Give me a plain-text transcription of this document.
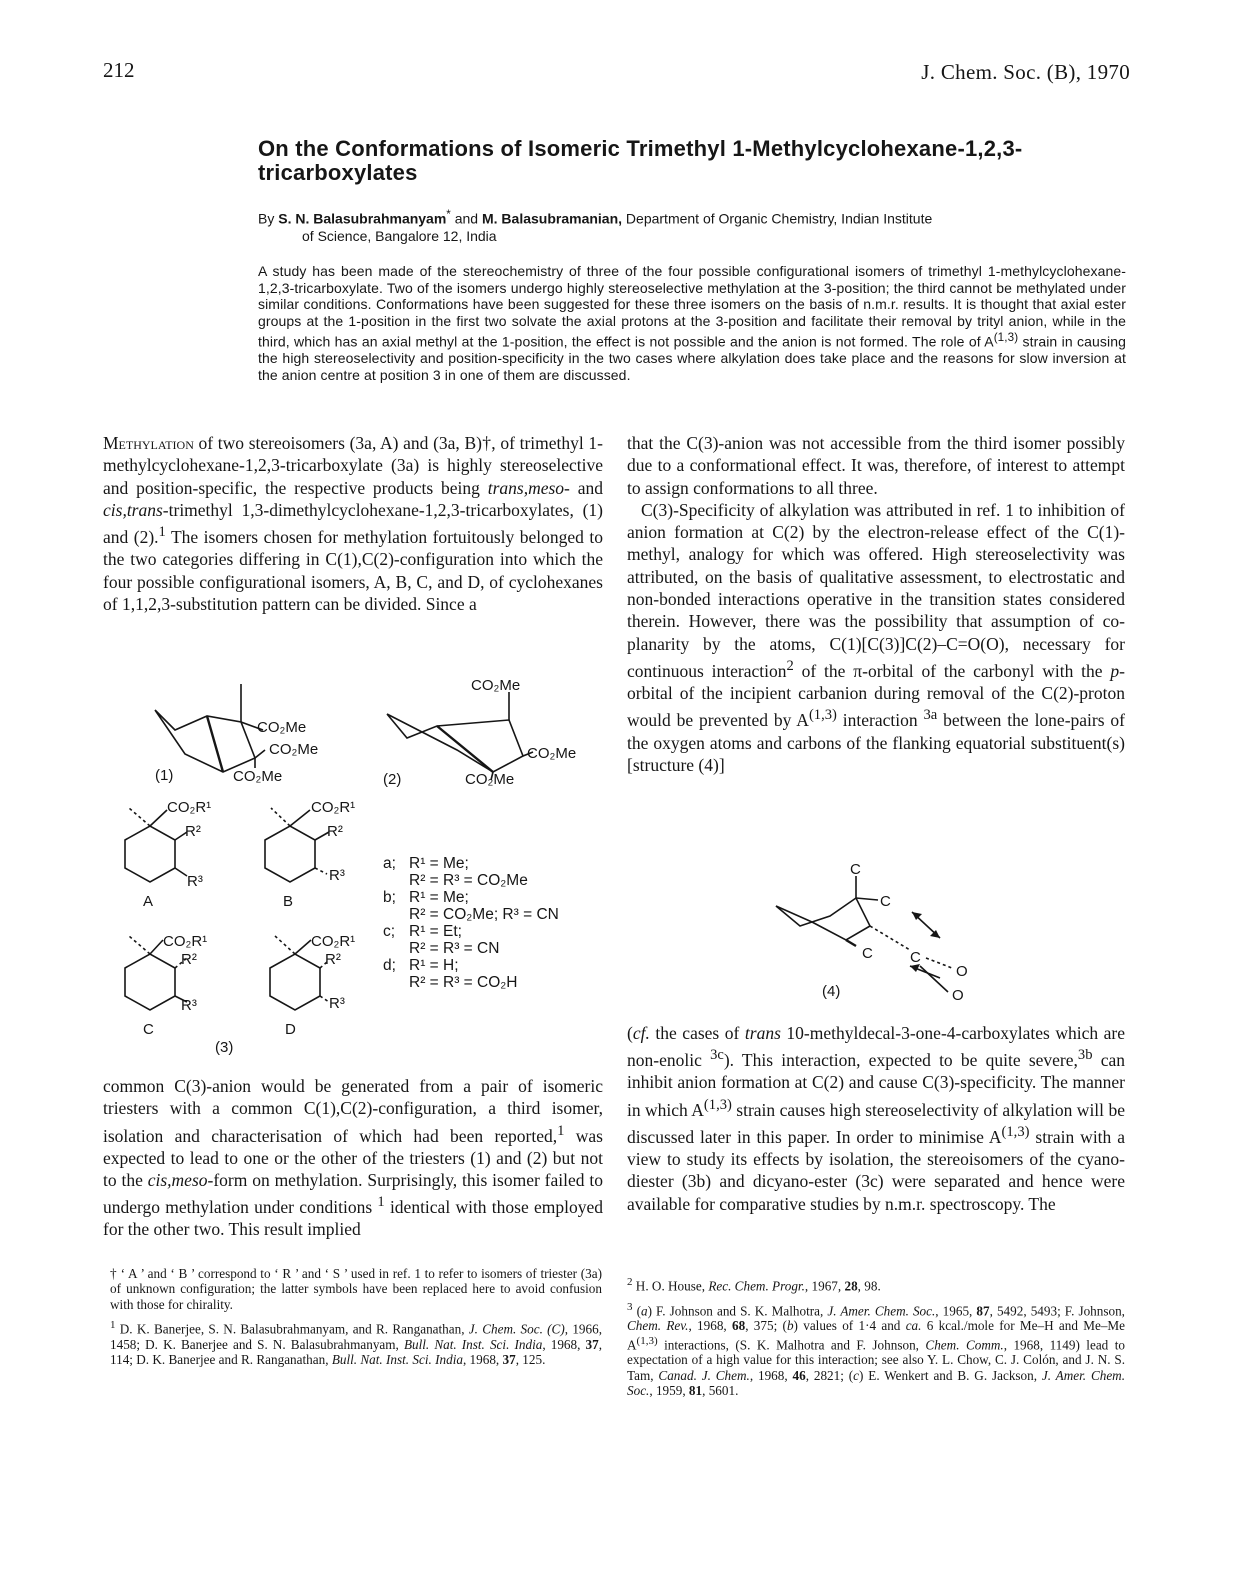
212	J. Chem. Soc. (B), 1970
On the Conformations of Isomeric Trimethyl 1-Methylcyclohexane-1,2,3-tricarboxylates
By S. N. Balasubrahmanyam* and M. Balasubramanian, Department of Organic Chemistry, Indian Institute
of Science, Bangalore 12, India
A study has been made of the stereochemistry of three of the four possible configurational isomers of trimethyl 1-methylcyclohexane-1,2,3-tricarboxylate. Two of the isomers undergo highly stereoselective methylation at the 3-position; the third cannot be methylated under similar conditions. Conformations have been suggested for these three isomers on the basis of n.m.r. results. It is thought that axial ester groups at the 1-position in the first two solvate the axial protons at the 3-position and facilitate their removal by trityl anion, while in the third, which has an axial methyl at the 1-position, the effect is not possible and the anion is not formed. The role of A$^{(1,3)}$ strain in causing the high stereoselectivity and position-specificity in the two cases where alkylation does take place and the reasons for slow inversion at the anion centre at position 3 in one of them are discussed.

Methylation of two stereoisomers (3a, A) and (3a, B)†, of trimethyl 1-methylcyclohexane-1,2,3-tricarboxylate (3a) is highly stereoselective and position-specific, the respective products being trans,meso- and cis,trans-trimethyl 1,3-dimethylcyclohexane-1,2,3-tricarboxylates, (1) and (2).$^1$ The isomers chosen for methylation fortuitously belonged to the two categories differing in C(1),C(2)-configuration into which the four possible configurational isomers, A, B, C, and D, of cyclohexanes of 1,1,2,3-substitution pattern can be divided. Since a

CO₂Me
CO₂Me
CO₂Me
(1)
CO₂Me
CO₂Me
CO₂Me
(2)
CO₂R¹
R²
R³
A
CO₂R¹
R²
R³
B
CO₂R¹
R²
R³
C
CO₂R¹
R²
R³
D
(3)
a; R¹ = Me;
R² = R³ = CO₂Me
b; R¹ = Me;
R² = CO₂Me; R³ = CN
c; R¹ = Et;
R² = R³ = CN
d; R¹ = H;
R² = R³ = CO₂H

common C(3)-anion would be generated from a pair of isomeric triesters with a common C(1),C(2)-configuration, a third isomer, isolation and characterisation of which had been reported,$^1$ was expected to lead to one or the other of the triesters (1) and (2) but not to the cis,meso-form on methylation. Surprisingly, this isomer failed to undergo methylation under conditions $^1$ identical with those employed for the other two. This result implied

that the C(3)-anion was not accessible from the third isomer possibly due to a conformational effect. It was, therefore, of interest to attempt to assign conformations to all three.

C(3)-Specificity of alkylation was attributed in ref. 1 to inhibition of anion formation at C(2) by the electron-release effect of the C(1)-methyl, analogy for which was offered. High stereoselectivity was attributed, on the basis of qualitative assessment, to electrostatic and non-bonded interactions operative in the transition states considered therein. However, there was the possibility that assumption of co-planarity by the atoms, C(1)[C(3)]C(2)–C=O(O), necessary for continuous interaction$^2$ of the π-orbital of the carbonyl with the p-orbital of the incipient carbanion during removal of the C(2)-proton would be prevented by A$^{(1,3)}$ interaction $^{3a}$ between the lone-pairs of the oxygen atoms and carbons of the flanking equatorial substituent(s) [structure (4)]

C
C
C C
O
O
(4)

(cf. the cases of trans 10-methyldecal-3-one-4-carboxylates which are non-enolic $^{3c}$). This interaction, expected to be quite severe,$^{3b}$ can inhibit anion formation at C(2) and cause C(3)-specificity. The manner in which A$^{(1,3)}$ strain causes high stereoselectivity of alkylation will be discussed later in this paper. In order to minimise A$^{(1,3)}$ strain with a view to study its effects by isolation, the stereoisomers of the cyano-diester (3b) and dicyano-ester (3c) were separated and hence were available for comparative studies by n.m.r. spectroscopy. The

† ‘ A ’ and ‘ B ’ correspond to ‘ R ’ and ‘ S ’ used in ref. 1 to refer to isomers of triester (3a) of unknown configuration; the latter symbols have been replaced here to avoid confusion with those for chirality.

$^1$ D. K. Banerjee, S. N. Balasubrahmanyam, and R. Ranganathan, J. Chem. Soc. (C), 1966, 1458; D. K. Banerjee and S. N. Balasubrahmanyam, Bull. Nat. Inst. Sci. India, 1968, 37, 114; D. K. Banerjee and R. Ranganathan, Bull. Nat. Inst. Sci. India, 1968, 37, 125.

$^2$ H. O. House, Rec. Chem. Progr., 1967, 28, 98.

$^3$ (a) F. Johnson and S. K. Malhotra, J. Amer. Chem. Soc., 1965, 87, 5492, 5493; F. Johnson, Chem. Rev., 1968, 68, 375; (b) values of 1·4 and ca. 6 kcal./mole for Me–H and Me–Me A$^{(1,3)}$ interactions, (S. K. Malhotra and F. Johnson, Chem. Comm., 1968, 1149) lead to expectation of a high value for this interaction; see also Y. L. Chow, C. J. Colón, and J. N. S. Tam, Canad. J. Chem., 1968, 46, 2821; (c) E. Wenkert and B. G. Jackson, J. Amer. Chem. Soc., 1959, 81, 5601.
